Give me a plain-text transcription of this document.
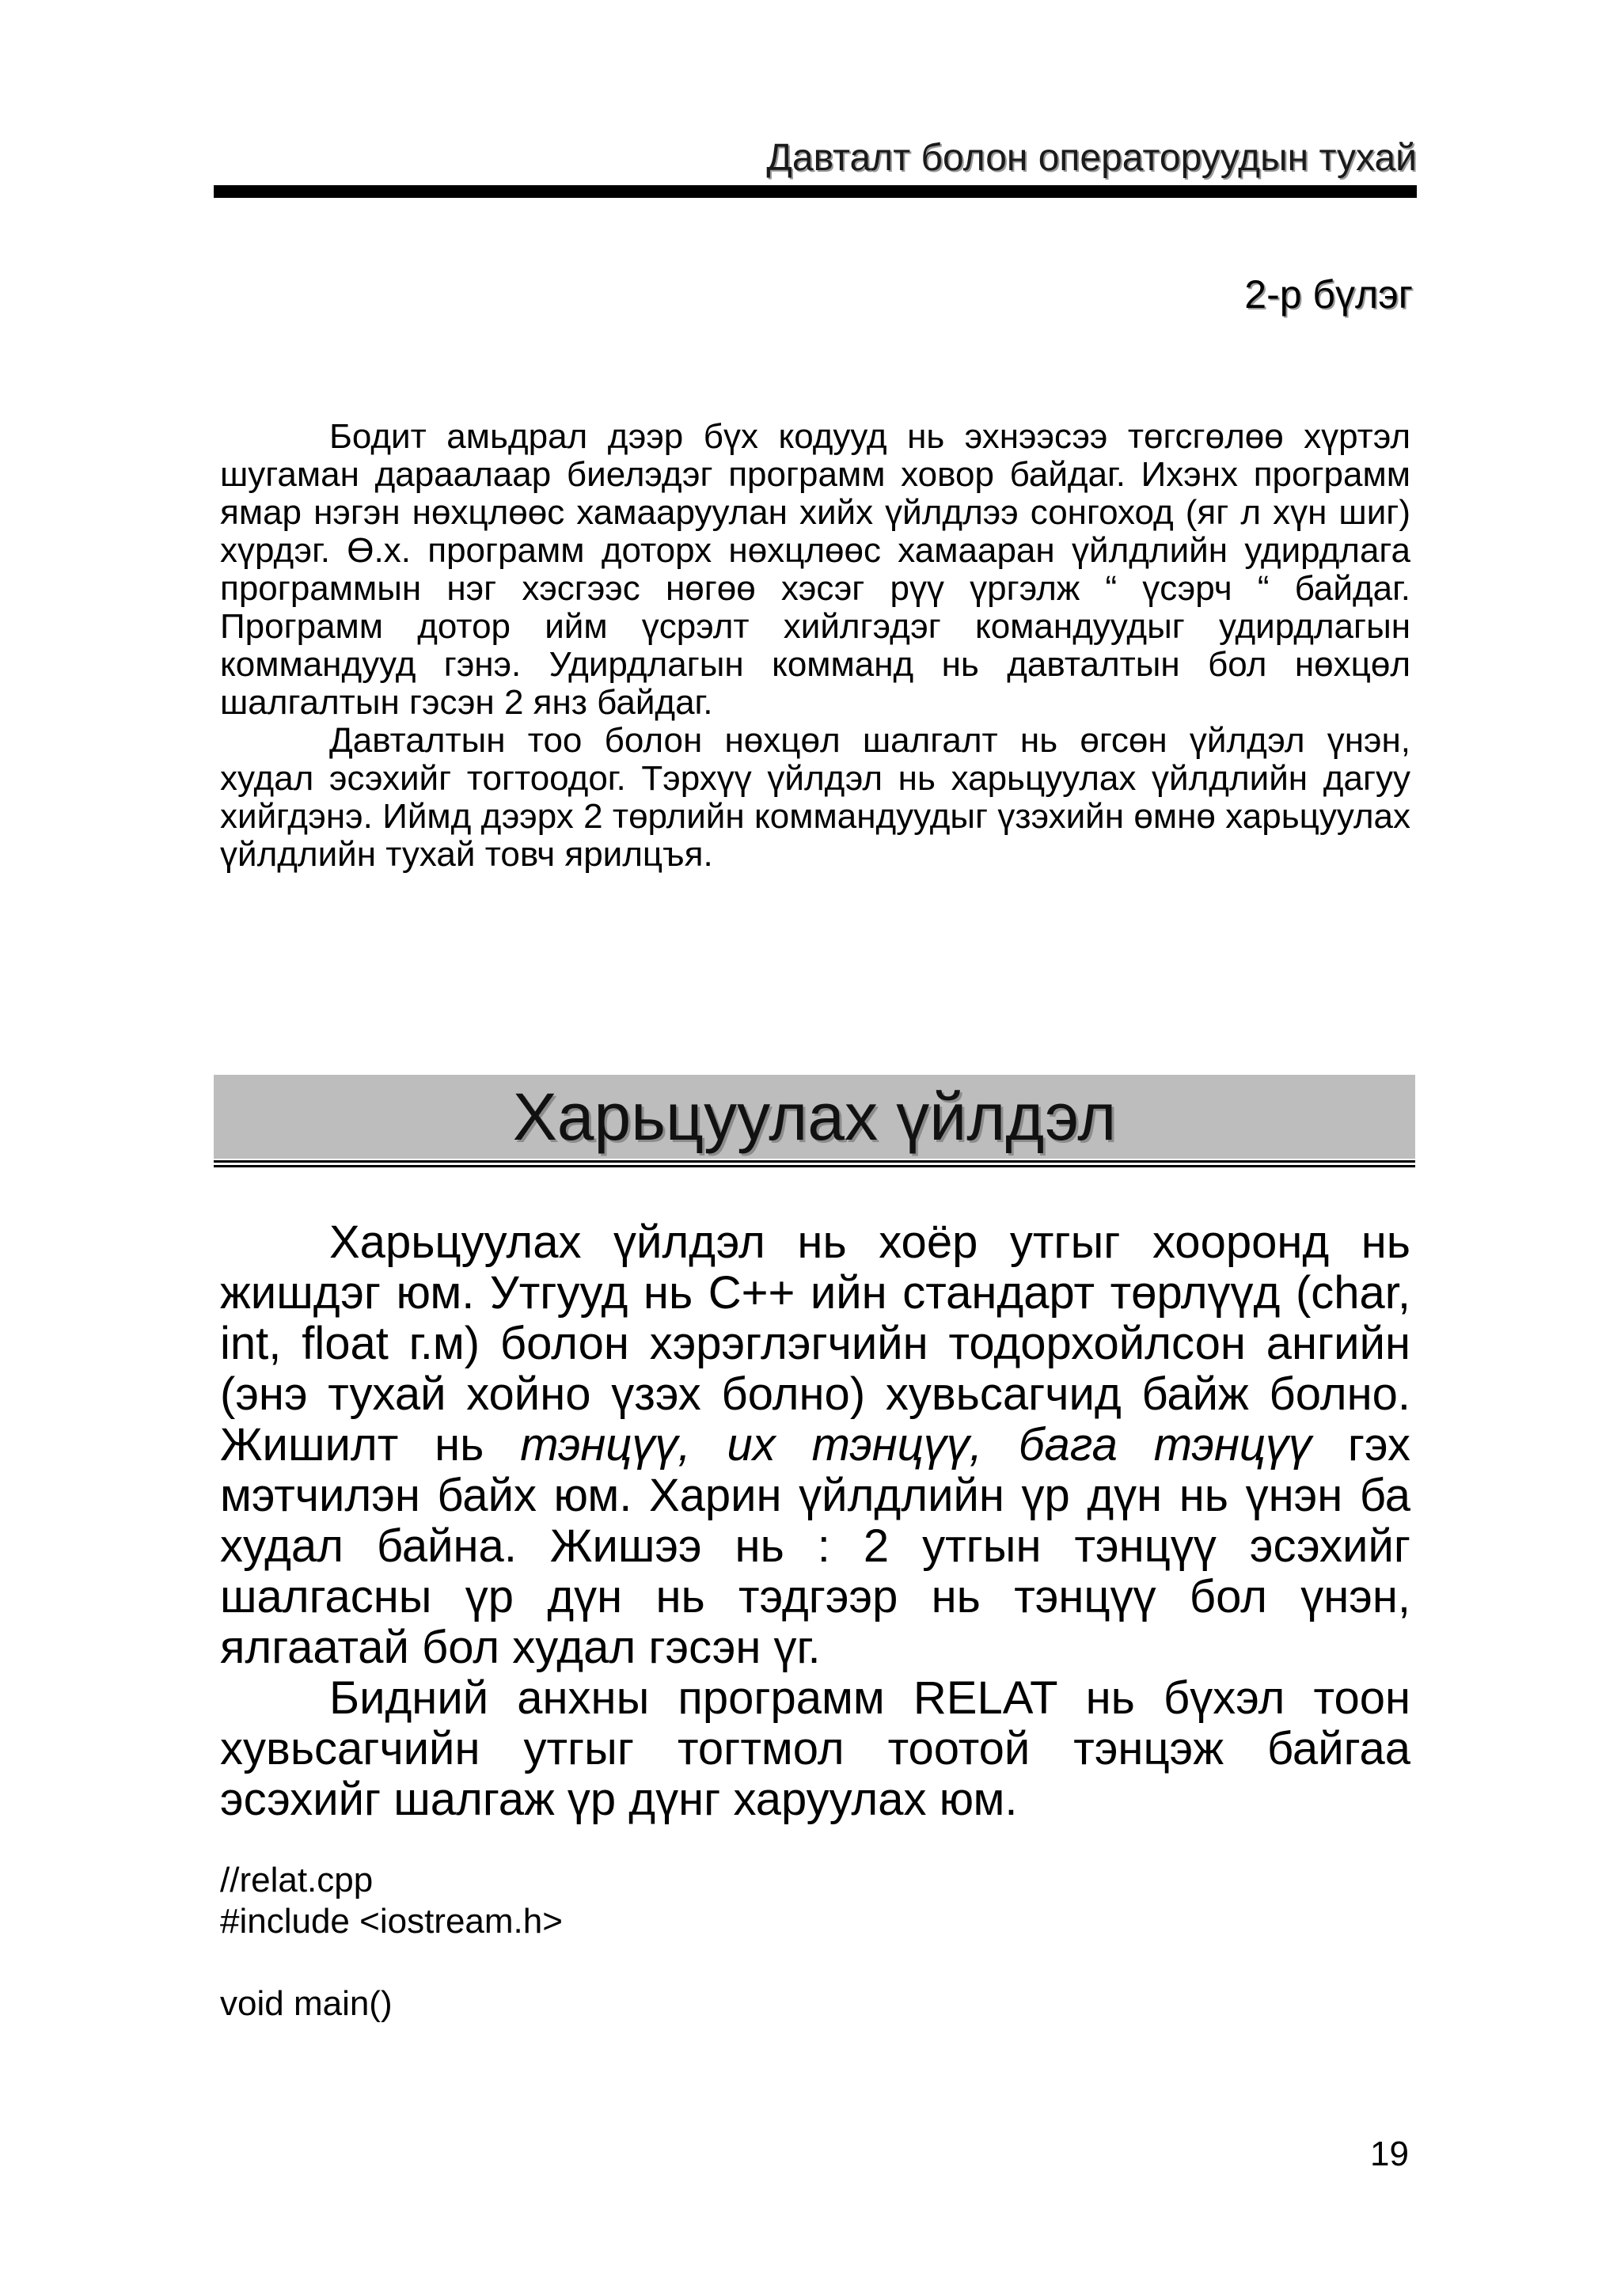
Давталт болон операторуудын тухай
2-р бүлэг

Бодит амьдрал дээр бүх кодууд нь эхнээсээ төгсгөлөө хүртэл шугаман дараалаар биелэдэг программ ховор байдаг. Ихэнх программ ямар нэгэн нөхцлөөс хамааруулан хийх үйлдлээ сонгоход (яг л хүн шиг) хүрдэг. Ө.х. программ доторх нөхцлөөс хамааран үйлдлийн удирдлага программын нэг хэсгээс нөгөө хэсэг рүү үргэлж “ үсэрч “ байдаг. Программ дотор ийм үсрэлт хийлгэдэг командуудыг удирдлагын коммандууд гэнэ. Удирдлагын комманд нь давталтын бол нөхцөл шалгалтын гэсэн 2 янз байдаг.

Давталтын тоо болон нөхцөл шалгалт нь өгсөн үйлдэл үнэн, худал эсэхийг тогтоодог. Тэрхүү үйлдэл нь харьцуулах үйлдлийн дагуу хийгдэнэ. Иймд дээрх 2 төрлийн коммандуудыг үзэхийн өмнө харьцуулах үйлдлийн тухай товч ярилцъя.

Харьцуулах үйлдэл

Харьцуулах үйлдэл нь хоёр утгыг хооронд нь жишдэг юм. Утгууд нь C++ ийн стандарт төрлүүд (char, int, float г.м) болон хэрэглэгчийн тодорхойлсон ангийн (энэ тухай хойно үзэх болно) хувьсагчид байж болно. Жишилт нь тэнцүү, их тэнцүү, бага тэнцүү гэх мэтчилэн байх юм. Харин үйлдлийн үр дүн нь үнэн ба худал байна. Жишээ нь : 2 утгын тэнцүү эсэхийг шалгасны үр дүн нь тэдгээр нь тэнцүү бол үнэн, ялгаатай бол худал гэсэн үг.

Бидний анхны программ RELAT нь бүхэл тоон хувьсагчийн утгыг тогтмол тоотой тэнцэж байгаа эсэхийг шалгаж үр дүнг харуулах юм.

//relat.cpp
#include <iostream.h>
void main()
19
